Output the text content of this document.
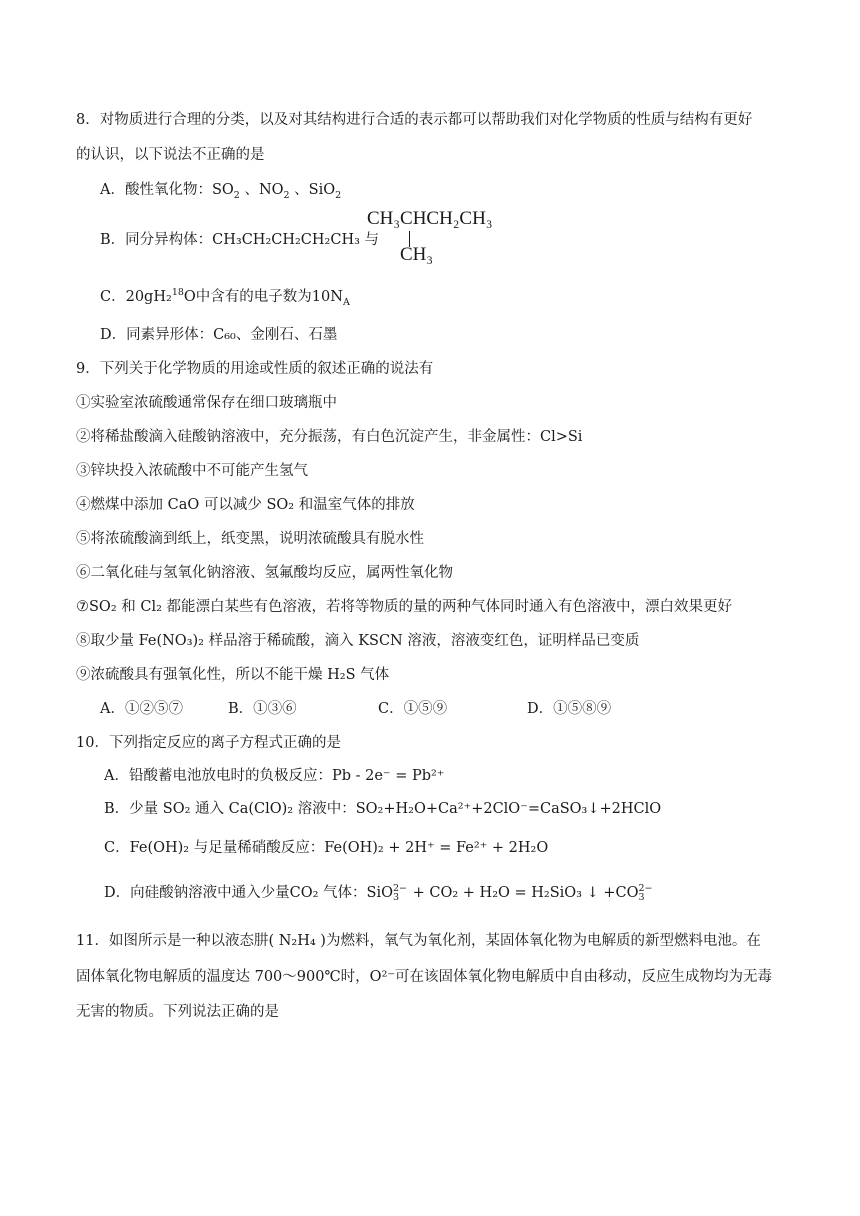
8．对物质进行合理的分类，以及对其结构进行合适的表示都可以帮助我们对化学物质的性质与结构有更好
的认识，以下说法不正确的是
A．酸性氧化物：$SO_2$ 、$NO_2$ 、SiO$_2$
B．同分异构体：CH₃CH₂CH₂CH₂CH₃ 与
CH₃CHCH₂CH₃
CH₃
C．20gH₂$^{18}$O中含有的电子数为$10N_A$
D．同素异形体：C₆₀、金刚石、石墨
9．下列关于化学物质的用途或性质的叙述正确的说法有
①实验室浓硫酸通常保存在细口玻璃瓶中
②将稀盐酸滴入硅酸钠溶液中，充分振荡，有白色沉淀产生，非金属性：Cl>Si
③锌块投入浓硫酸中不可能产生氢气
④燃煤中添加 CaO 可以减少 SO₂ 和温室气体的排放
⑤将浓硫酸滴到纸上，纸变黑，说明浓硫酸具有脱水性
⑥二氧化硅与氢氧化钠溶液、氢氟酸均反应，属两性氧化物
⑦SO₂ 和 Cl₂ 都能漂白某些有色溶液，若将等物质的量的两种气体同时通入有色溶液中，漂白效果更好
⑧取少量 Fe(NO₃)₂ 样品溶于稀硫酸，滴入 KSCN 溶液，溶液变红色，证明样品已变质
⑨浓硫酸具有强氧化性，所以不能干燥 H₂S 气体
A．①②⑤⑦	B．①③⑥	C．①⑤⑨	D．①⑤⑧⑨
10．下列指定反应的离子方程式正确的是
A．铅酸蓄电池放电时的负极反应：Pb - 2e⁻ = Pb²⁺
B．少量 SO₂ 通入 Ca(ClO)₂ 溶液中：SO₂+H₂O+Ca²⁺+2ClO⁻=CaSO₃↓+2HClO
C．Fe(OH)₂ 与足量稀硝酸反应：Fe(OH)₂ + 2H⁺ = Fe²⁺ + 2H₂O
D．向硅酸钠溶液中通入少量CO₂ 气体：SiO 2−
3 + CO₂ + H₂O = H₂SiO₃ ↓ +CO 2−
3
11．如图所示是一种以液态肼( N₂H₄ )为燃料，氧气为氧化剂，某固体氧化物为电解质的新型燃料电池。在
固体氧化物电解质的温度达 700～900℃时，O²⁻可在该固体氧化物电解质中自由移动，反应生成物均为无毒
无害的物质。下列说法正确的是
